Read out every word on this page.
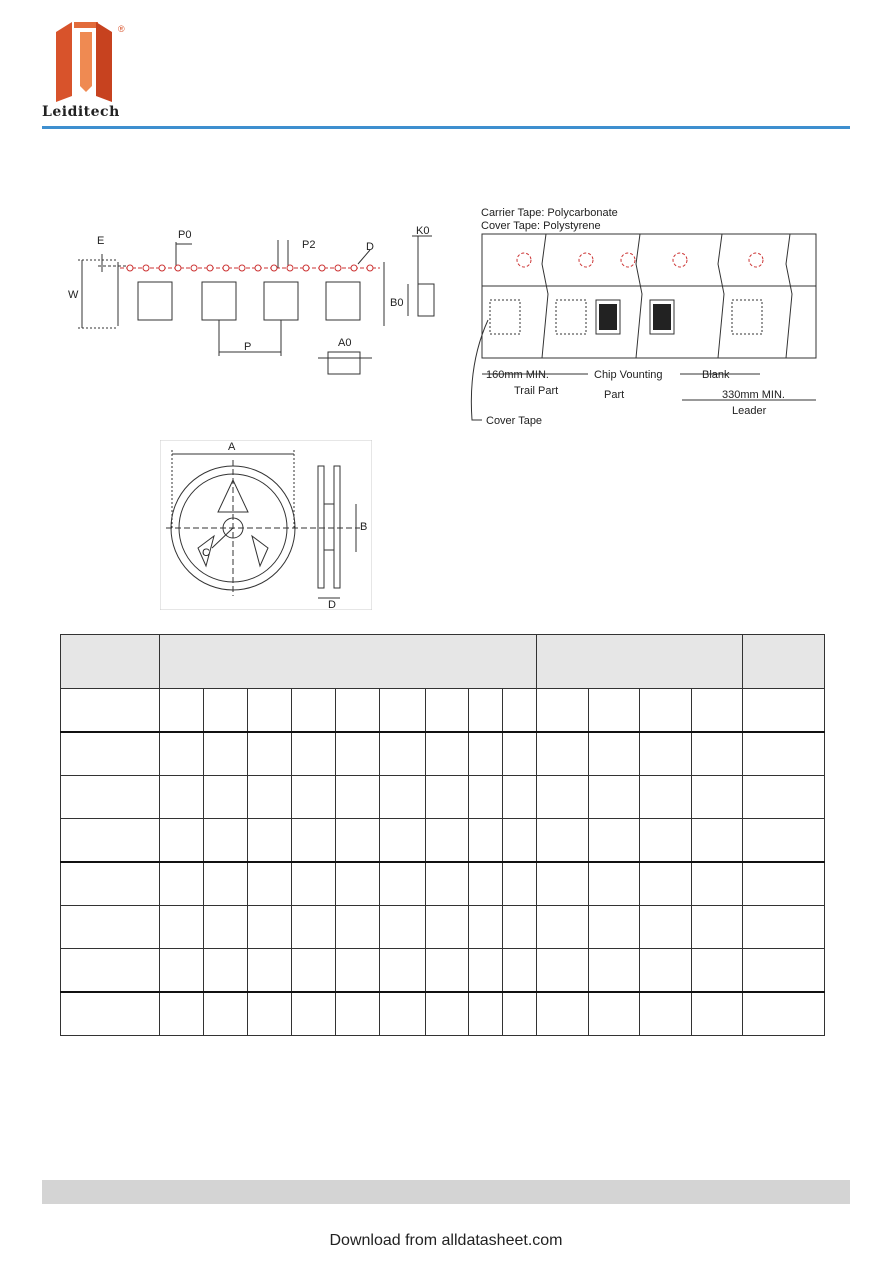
®
Leiditech
E	P0
P2	D
W
K0
B0
A0
P
Carrier Tape: Polycarbonate
Cover Tape: Polystyrene
160mm MIN.
Trail Part
Chip Vounting
Part
Blank
330mm MIN.
Leader
Cover Tape
A
B
C
D

Download from alldatasheet.com
